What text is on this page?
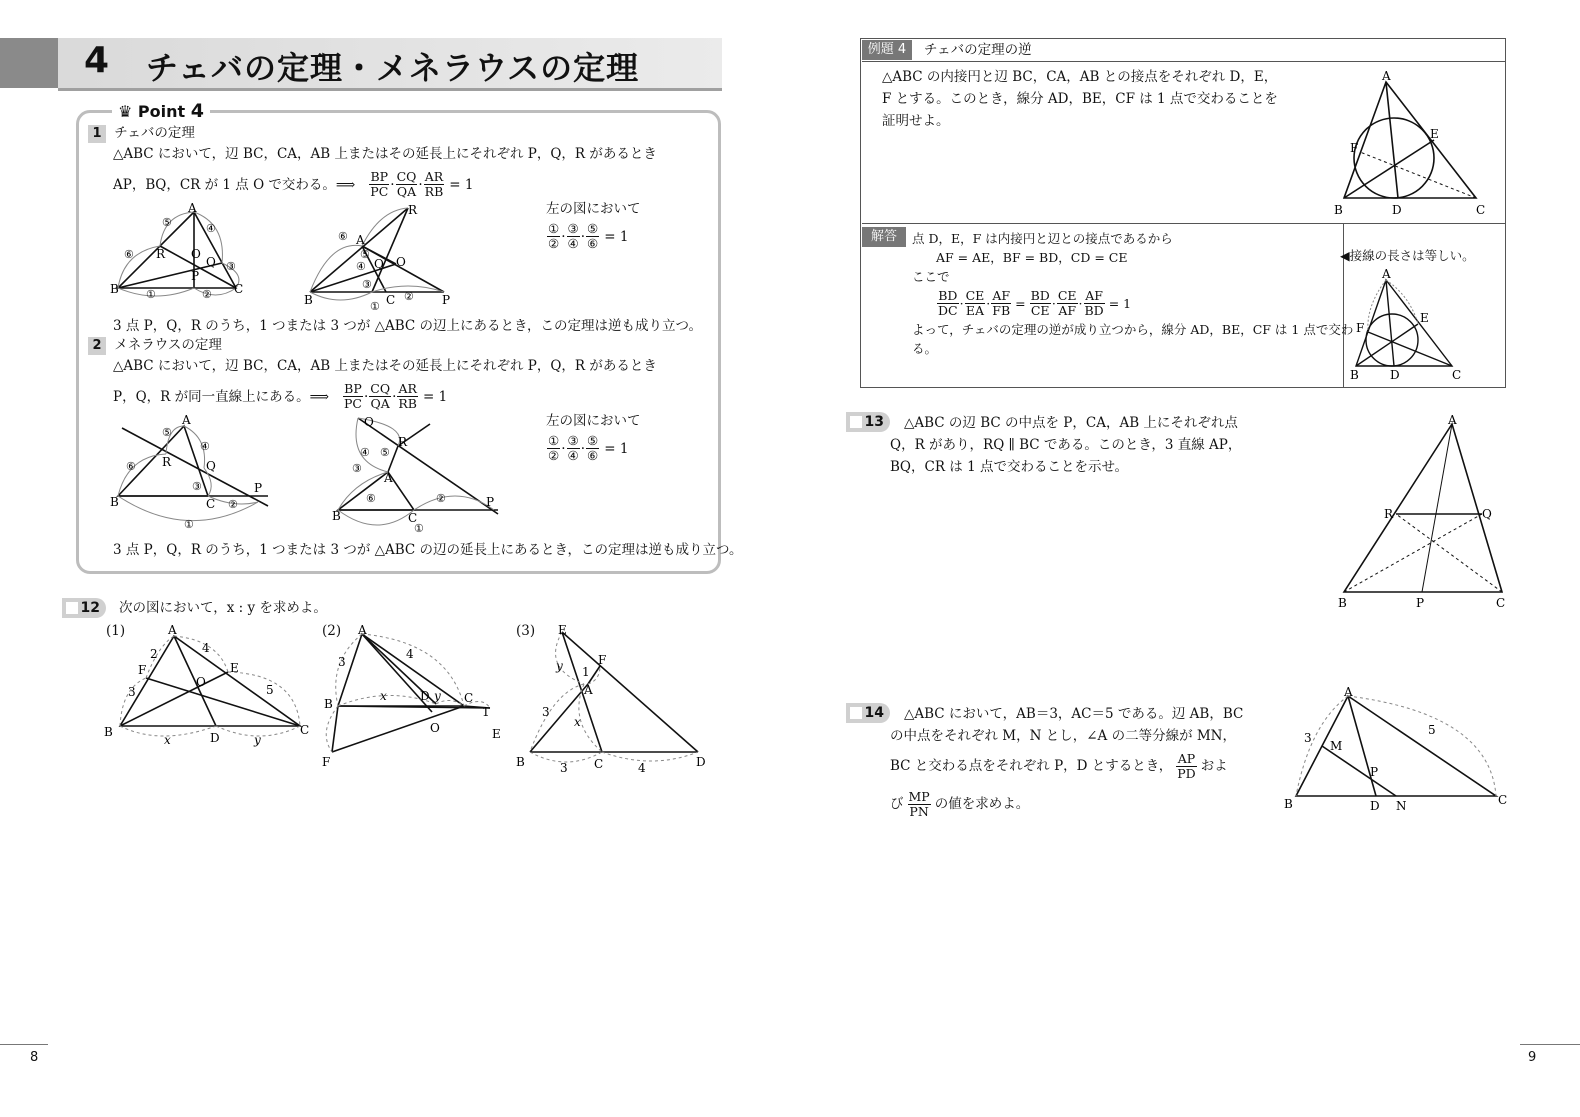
4 チェバの定理・メネラウスの定理
♛ Point 4
1 チェバの定理
△ABC において，辺 BC，CA，AB 上またはその延長上にそれぞれ P，Q，R があるとき
AP，BQ，CR が 1 点 O で交わる。⟹ $\frac{BP}{PC} \cdot \frac{CQ}{QA} \cdot \frac{AR}{RB} = 1$
左の図において
$\frac{\text{①}}{\text{②}} \cdot \frac{\text{③}}{\text{④}} \cdot \frac{\text{⑤}}{\text{⑥}} = 1$
A
B	C
O
P
Q
R
①	②
③
④
⑤
⑥
A
B	C
O
P
Q
R
①
②
③
④
⑤
⑥
3 点 P，Q，R のうち，1 つまたは 3 つが △ABC の辺上にあるとき，この定理は逆も成り立つ。
2 メネラウスの定理
△ABC において，辺 BC，CA，AB 上またはその延長上にそれぞれ P，Q，R があるとき
P，Q，R が同一直線上にある。⟹ $\frac{BP}{PC} \cdot \frac{CQ}{QA} \cdot \frac{AR}{RB} = 1$
左の図において
$\frac{\text{①}}{\text{②}} \cdot \frac{\text{③}}{\text{④}} \cdot \frac{\text{⑤}}{\text{⑥}} = 1$
A
B	C
P
Q
R
①
②
③
④
⑤
⑥
A
B	C
P
Q
R
①
②
③
④ ⑤
⑥
3 点 P，Q，R のうち，1 つまたは 3 つが △ABC の辺の延長上にあるとき，この定理は逆も成り立つ。
12	次の図において，x : y を求めよ。
(1)	(2)	(3)
A
B	C
D
E
F
O
2
3
4
5
x	y
A
B	C
D
E
F
O
3
4
1
x	y
E
F
A
B	C	D
1
3
3	4
x
y
例題 4	チェバの定理の逆
△ABC の内接円と辺 BC，CA，AB との接点をそれぞれ D，E，
F とする。このとき，線分 AD，BE，CF は 1 点で交わることを
証明せよ。
A
B	C
D
E
F
解答	点 D，E，F は内接円と辺との接点であるから
AF = AE，BF = BD，CD = CE
ここで
$\frac{BD}{DC} \cdot \frac{CE}{EA} \cdot \frac{AF}{FB} = \frac{BD}{CE} \cdot \frac{CE}{AF} \cdot \frac{AF}{BD} = 1$
よって，チェバの定理の逆が成り立つから，線分 AD，BE，CF は 1 点で交わ
る。
◀接線の長さは等しい。
A
B	C
D
E
F
13	△ABC の辺 BC の中点を P，CA，AB 上にそれぞれ点
Q，R があり，RQ ∥ BC である。このとき，3 直線 AP，
BQ，CR は 1 点で交わることを示せ。
A
B	C
P
Q
R
14	△ABC において，AB＝3，AC＝5 である。辺 AB，BC
の中点をそれぞれ M，N とし，∠A の二等分線が MN，
BC と交わる点をそれぞれ P，D とするとき， $\frac{AP}{PD}$ およ
び $\frac{MP}{PN}$ の値を求めよ。
A
B	C
D
M
N
P
3
5
8	9
